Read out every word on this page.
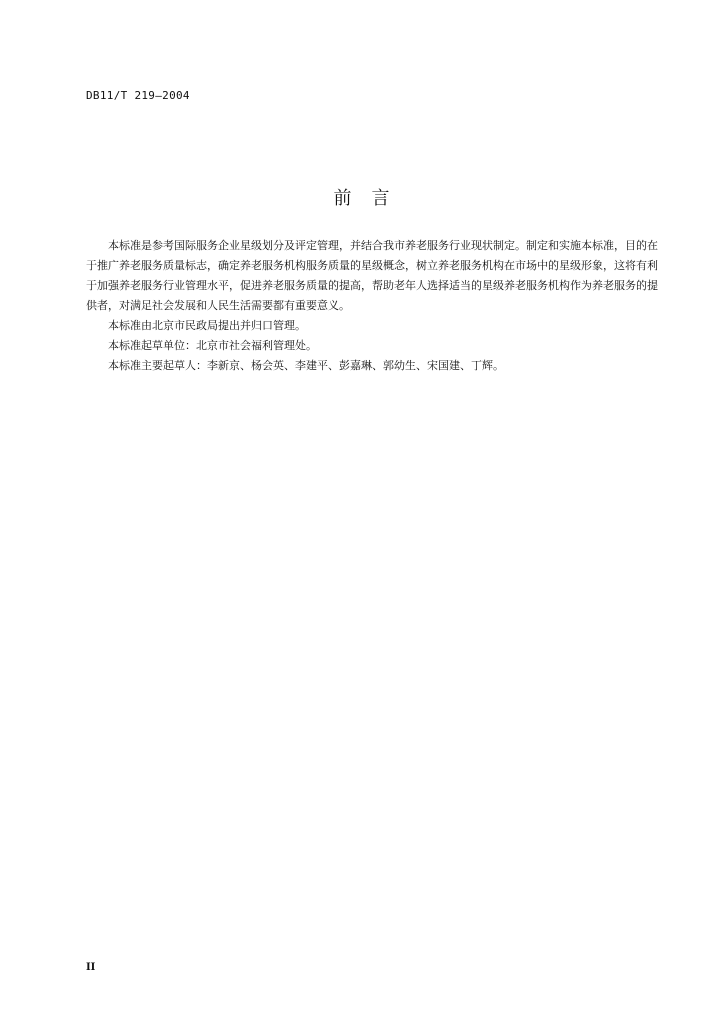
DB11/T 219—2004
前　言

本标准是参考国际服务企业星级划分及评定管理，并结合我市养老服务行业现状制定。制定和实施本标准，目的在于推广养老服务质量标志，确定养老服务机构服务质量的星级概念，树立养老服务机构在市场中的星级形象，这将有利于加强养老服务行业管理水平，促进养老服务质量的提高，帮助老年人选择适当的星级养老服务机构作为养老服务的提供者，对满足社会发展和人民生活需要都有重要意义。

本标准由北京市民政局提出并归口管理。

本标准起草单位：北京市社会福利管理处。

本标准主要起草人：李新京、杨会英、李建平、彭嘉琳、郭幼生、宋国建、丁辉。

II
